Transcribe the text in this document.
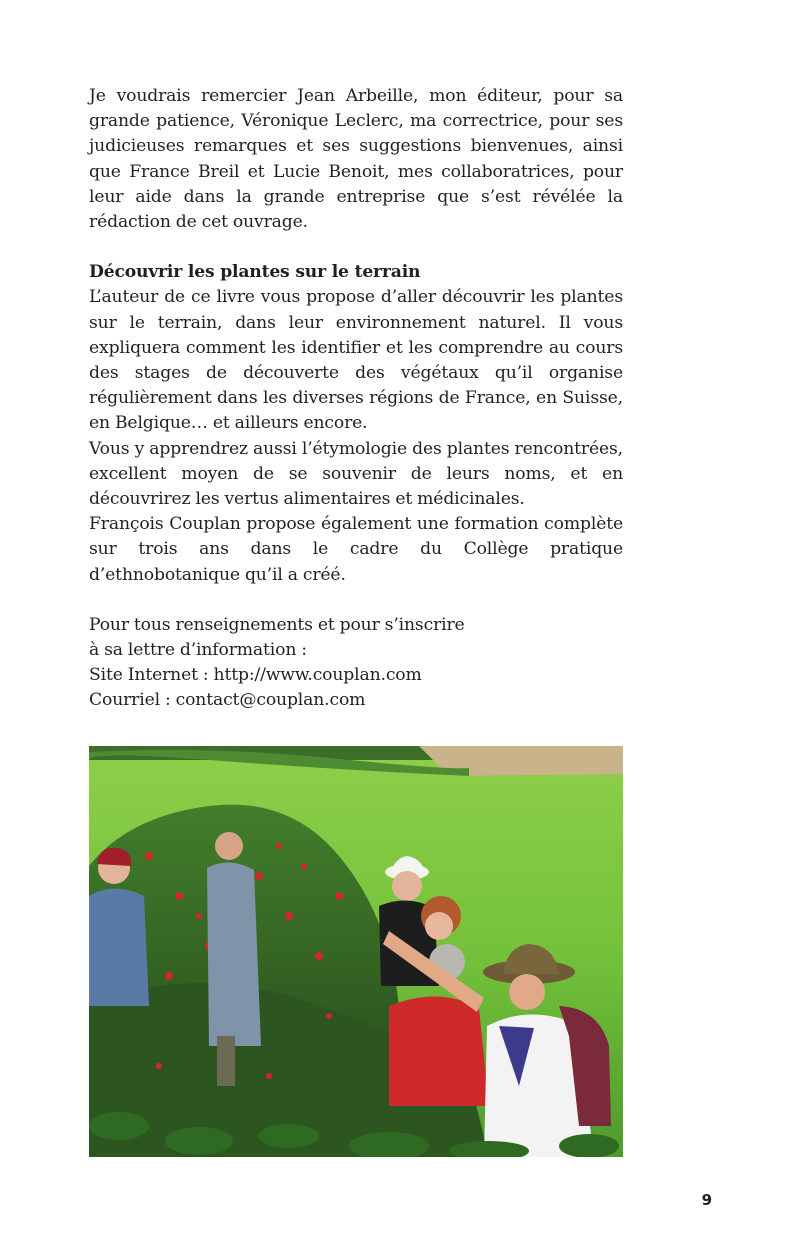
Je voudrais remercier Jean Arbeille, mon éditeur, pour sa grande patience, Véronique Leclerc, ma correctrice, pour ses judicieuses remarques et ses suggestions bienvenues, ainsi que France Breil et Lucie Benoit, mes collaboratrices, pour leur aide dans la grande entreprise que s’est révélée la rédaction de cet ouvrage.

Découvrir les plantes sur le terrain

L’auteur de ce livre vous propose d’aller découvrir les plantes sur le terrain, dans leur environnement naturel. Il vous expliquera comment les identifier et les comprendre au cours des stages de découverte des végétaux qu’il organise régulièrement dans les diverses régions de France, en Suisse, en Belgique… et ailleurs encore.

Vous y apprendrez aussi l’étymologie des plantes rencontrées, excellent moyen de se souvenir de leurs noms, et en découvrirez les vertus alimentaires et médicinales.

François Couplan propose également une formation complète sur trois ans dans le cadre du Collège pratique d’ethnobotanique qu’il a créé.

Pour tous renseignements et pour s’inscrire

à sa lettre d’information :

Site Internet : http://www.couplan.com

Courriel : contact@couplan.com

9
